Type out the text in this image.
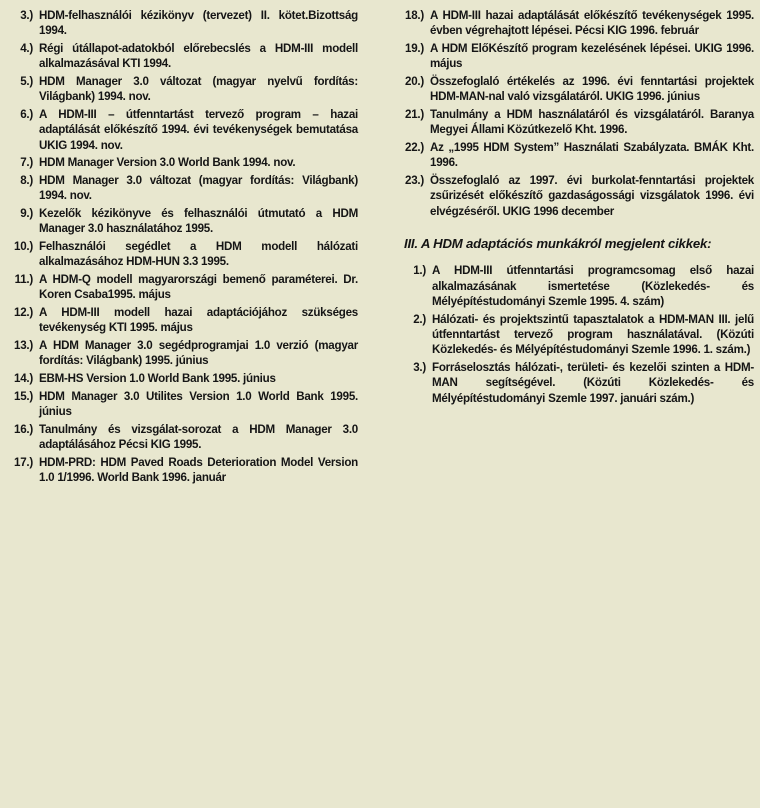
3.) HDM-felhasználói kézikönyv (tervezet) II. kötet.Bizottság 1994.
4.) Régi útállapot-adatokból előrebecslés a HDM-III modell alkalmazásával KTI 1994.
5.) HDM Manager 3.0 változat (magyar nyelvű fordítás: Világbank) 1994. nov.
6.) A HDM-III – útfenntartást tervező program – hazai adaptálását előkészítő 1994. évi tevékenységek bemutatása UKIG 1994. nov.
7.) HDM Manager Version 3.0 World Bank 1994. nov.
8.) HDM Manager 3.0 változat (magyar fordítás: Világbank) 1994. nov.
9.) Kezelők kézikönyve és felhasználói útmutató a HDM Manager 3.0 használatához 1995.
10.) Felhasználói segédlet a HDM modell hálózati alkalmazásához HDM-HUN 3.3 1995.
11.) A HDM-Q modell magyarországi bemenő paraméterei. Dr. Koren Csaba1995. május
12.) A HDM-III modell hazai adaptációjához szükséges tevékenység KTI 1995. május
13.) A HDM Manager 3.0 segédprogramjai 1.0 verzió (magyar fordítás: Világbank) 1995. június
14.) EBM-HS Version 1.0 World Bank 1995. június
15.) HDM Manager 3.0 Utilites Version 1.0 World Bank 1995. június
16.) Tanulmány és vizsgálat-sorozat a HDM Manager 3.0 adaptálásához Pécsi KIG 1995.
17.) HDM-PRD: HDM Paved Roads Deterioration Model Version 1.0 1/1996. World Bank 1996. január
18.) A HDM-III hazai adaptálását előkészítő tevékenységek 1995. évben végrehajtott lépései. Pécsi KIG 1996. február
19.) A HDM ElőKészítő program kezelésének lépései. UKIG 1996. május
20.) Összefoglaló értékelés az 1996. évi fenntartási projektek HDM-MAN-nal való vizsgálatáról. UKIG 1996. június
21.) Tanulmány a HDM használatáról és vizsgálatáról. Baranya Megyei Állami Közútkezelő Kht. 1996.
22.) Az „1995 HDM System” Használati Szabályzata. BMÁK Kht. 1996.
23.) Összefoglaló az 1997. évi burkolat-fenntartási projektek zsűrizését előkészítő gazdaságossági vizsgálatok 1996. évi elvégzéséről. UKIG 1996 december
III. A HDM adaptációs munkákról megjelent cikkek:
1.) A HDM-III útfenntartási programcsomag első hazai alkalmazásának ismertetése (Közlekedés- és Mélyépítéstudományi Szemle 1995. 4. szám)
2.) Hálózati- és projektszintű tapasztalatok a HDM-MAN III. jelű útfenntartást tervező program használatával. (Közúti Közlekedés- és Mélyépítéstudományi Szemle 1996. 1. szám.)
3.) Forráselosztás hálózati-, területi- és kezelői szinten a HDM-MAN segítségével. (Közúti Közlekedés- és Mélyépítéstudományi Szemle 1997. januári szám.)
